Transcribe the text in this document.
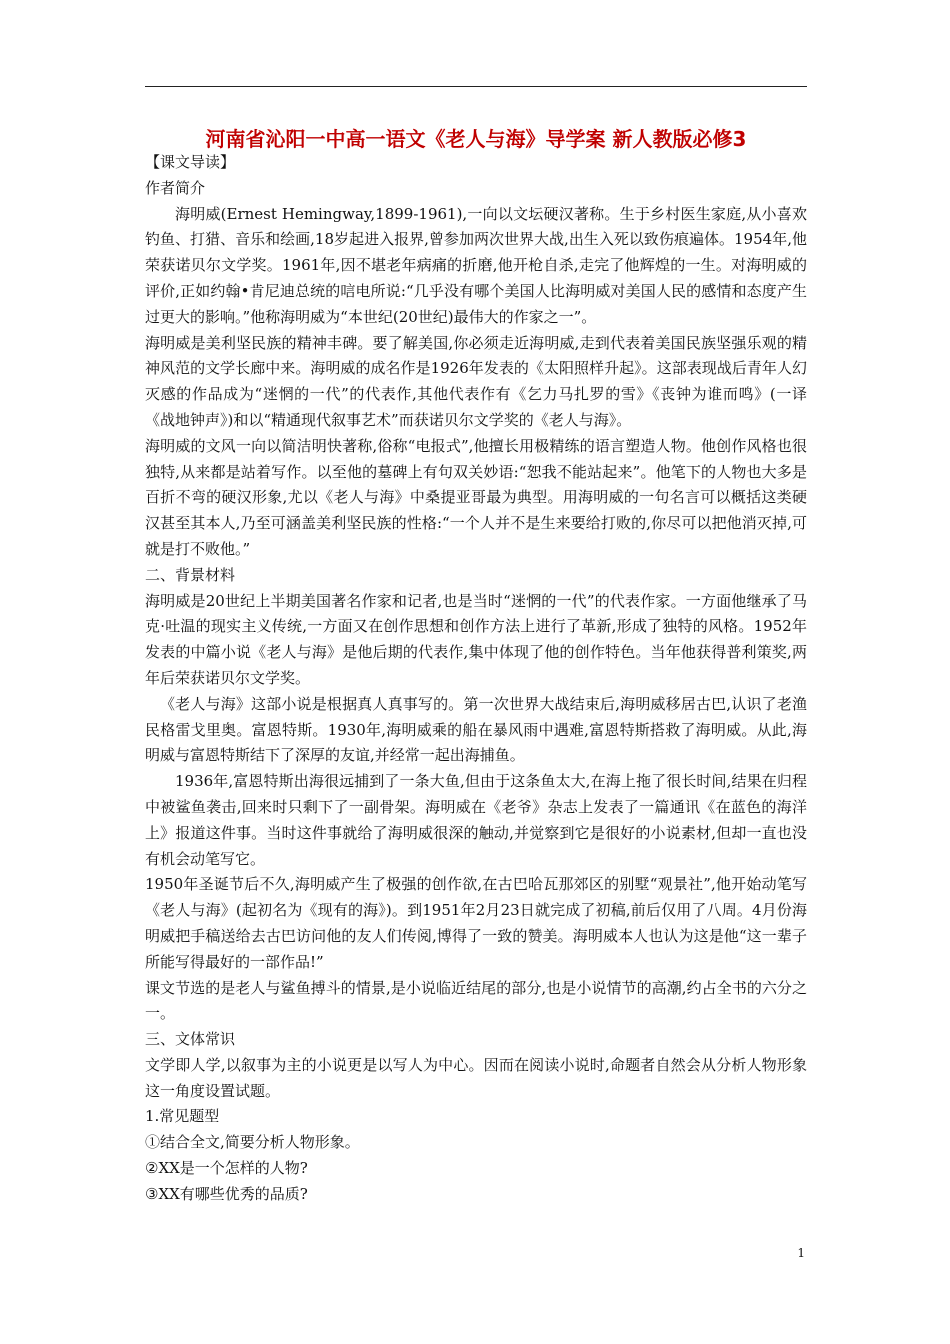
河南省沁阳一中高一语文《老人与海》导学案 新人教版必修3

【课文导读】

作者简介

海明威(Ernest Hemingway,1899-1961),一向以文坛硬汉著称。生于乡村医生家庭,从小喜欢钓鱼、打猎、音乐和绘画,18岁起进入报界,曾参加两次世界大战,出生入死以致伤痕遍体。1954年,他荣获诺贝尔文学奖。1961年,因不堪老年病痛的折磨,他开枪自杀,走完了他辉煌的一生。对海明威的评价,正如约翰•肯尼迪总统的唁电所说:“几乎没有哪个美国人比海明威对美国人民的感情和态度产生过更大的影响。”他称海明威为“本世纪(20世纪)最伟大的作家之一”。

海明威是美利坚民族的精神丰碑。要了解美国,你必须走近海明威,走到代表着美国民族坚强乐观的精神风范的文学长廊中来。海明威的成名作是1926年发表的《太阳照样升起》。这部表现战后青年人幻灭感的作品成为“迷惘的一代”的代表作,其他代表作有《乞力马扎罗的雪》《丧钟为谁而鸣》(一译《战地钟声》)和以“精通现代叙事艺术”而获诺贝尔文学奖的《老人与海》。

海明威的文风一向以简洁明快著称,俗称“电报式”,他擅长用极精练的语言塑造人物。他创作风格也很独特,从来都是站着写作。以至他的墓碑上有句双关妙语:“恕我不能站起来”。他笔下的人物也大多是百折不弯的硬汉形象,尤以《老人与海》中桑提亚哥最为典型。用海明威的一句名言可以概括这类硬汉甚至其本人,乃至可涵盖美利坚民族的性格:“一个人并不是生来要给打败的,你尽可以把他消灭掉,可就是打不败他。”

二、背景材料

海明威是20世纪上半期美国著名作家和记者,也是当时“迷惘的一代”的代表作家。一方面他继承了马克·吐温的现实主义传统,一方面又在创作思想和创作方法上进行了革新,形成了独特的风格。1952年发表的中篇小说《老人与海》是他后期的代表作,集中体现了他的创作特色。当年他获得普利策奖,两年后荣获诺贝尔文学奖。

《老人与海》这部小说是根据真人真事写的。第一次世界大战结束后,海明威移居古巴,认识了老渔民格雷戈里奥。富恩特斯。1930年,海明威乘的船在暴风雨中遇难,富恩特斯搭救了海明威。从此,海明威与富恩特斯结下了深厚的友谊,并经常一起出海捕鱼。

1936年,富恩特斯出海很远捕到了一条大鱼,但由于这条鱼太大,在海上拖了很长时间,结果在归程中被鲨鱼袭击,回来时只剩下了一副骨架。海明威在《老爷》杂志上发表了一篇通讯《在蓝色的海洋上》报道这件事。当时这件事就给了海明威很深的触动,并觉察到它是很好的小说素材,但却一直也没有机会动笔写它。

1950年圣诞节后不久,海明威产生了极强的创作欲,在古巴哈瓦那郊区的别墅“观景社”,他开始动笔写《老人与海》(起初名为《现有的海》)。到1951年2月23日就完成了初稿,前后仅用了八周。4月份海明威把手稿送给去古巴访问他的友人们传阅,博得了一致的赞美。海明威本人也认为这是他“这一辈子所能写得最好的一部作品!”

课文节选的是老人与鲨鱼搏斗的情景,是小说临近结尾的部分,也是小说情节的高潮,约占全书的六分之一。

三、文体常识

文学即人学,以叙事为主的小说更是以写人为中心。因而在阅读小说时,命题者自然会从分析人物形象这一角度设置试题。

1.常见题型

①结合全文,简要分析人物形象。

②XX是一个怎样的人物?

③XX有哪些优秀的品质?

1
